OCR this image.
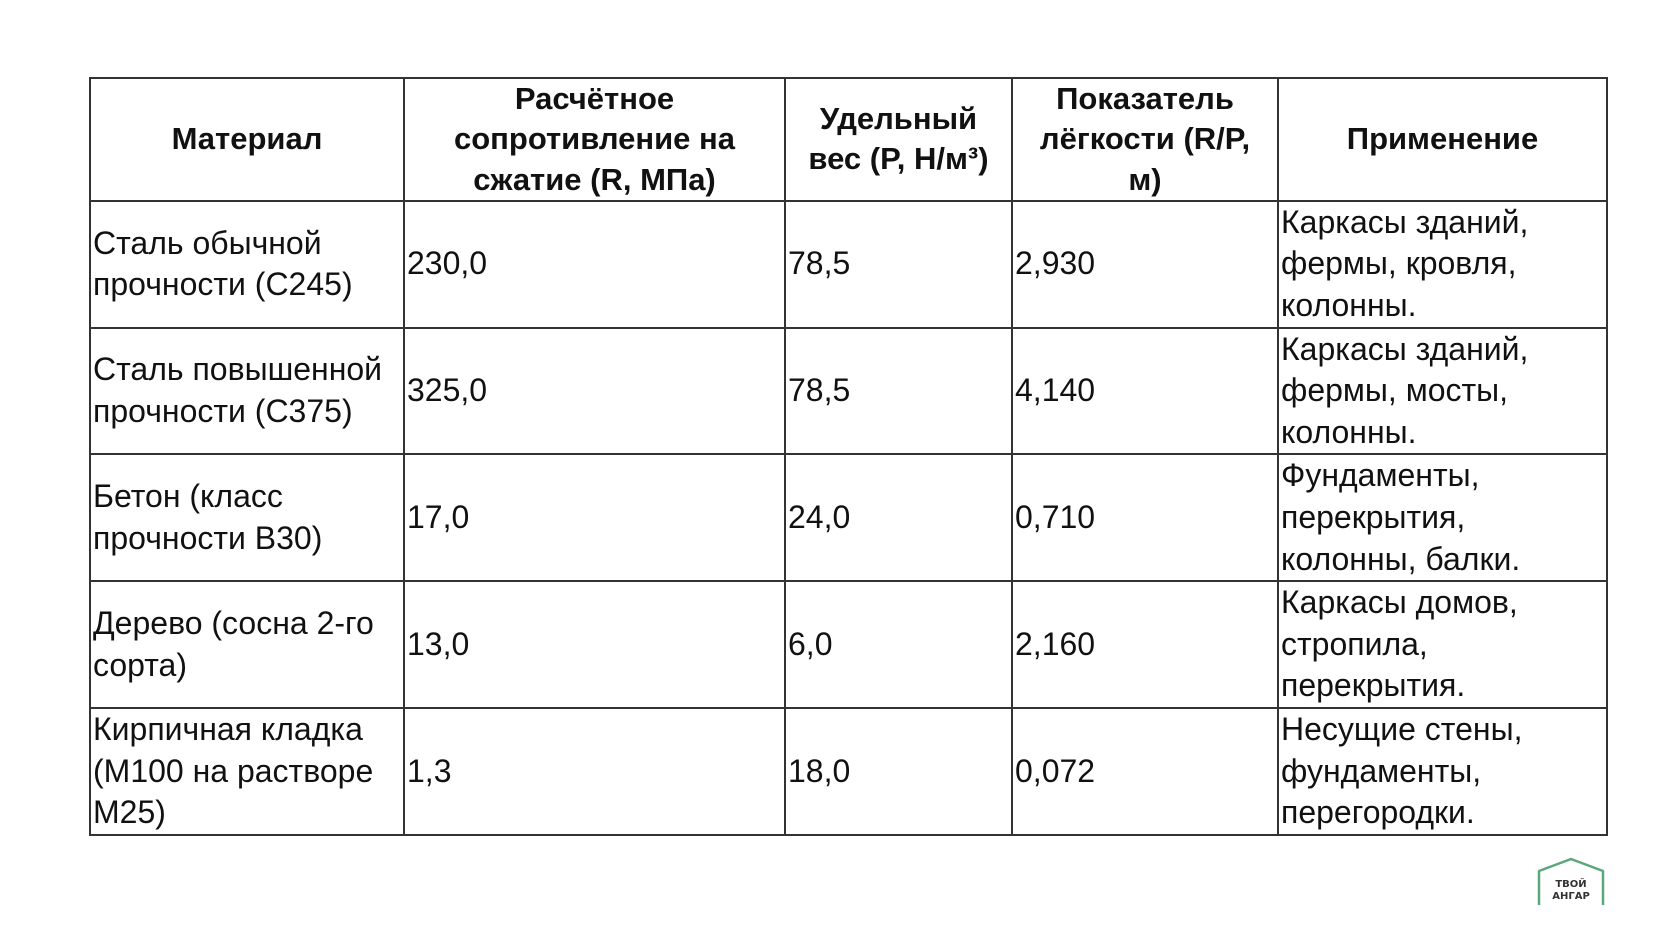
Материал	Расчётное сопротивление на сжатие (R, МПа)	Удельный вес (P, Н/м³)	Показатель лёгкости (R/P, м)	Применение
Сталь обычной прочности (С245)	230,0	78,5	2,930	Каркасы зданий, фермы, кровля, колонны.
Сталь повышенной прочности (С375)	325,0	78,5	4,140	Каркасы зданий, фермы, мосты, колонны.
Бетон (класс прочности В30)	17,0	24,0	0,710	Фундаменты, перекрытия, колонны, балки.
Дерево (сосна 2-го сорта)	13,0	6,0	2,160	Каркасы домов, стропила, перекрытия.
Кирпичная кладка (М100 на растворе М25)	1,3	18,0	0,072	Несущие стены, фундаменты, перегородки.
ТВОЙ
АНГАР
